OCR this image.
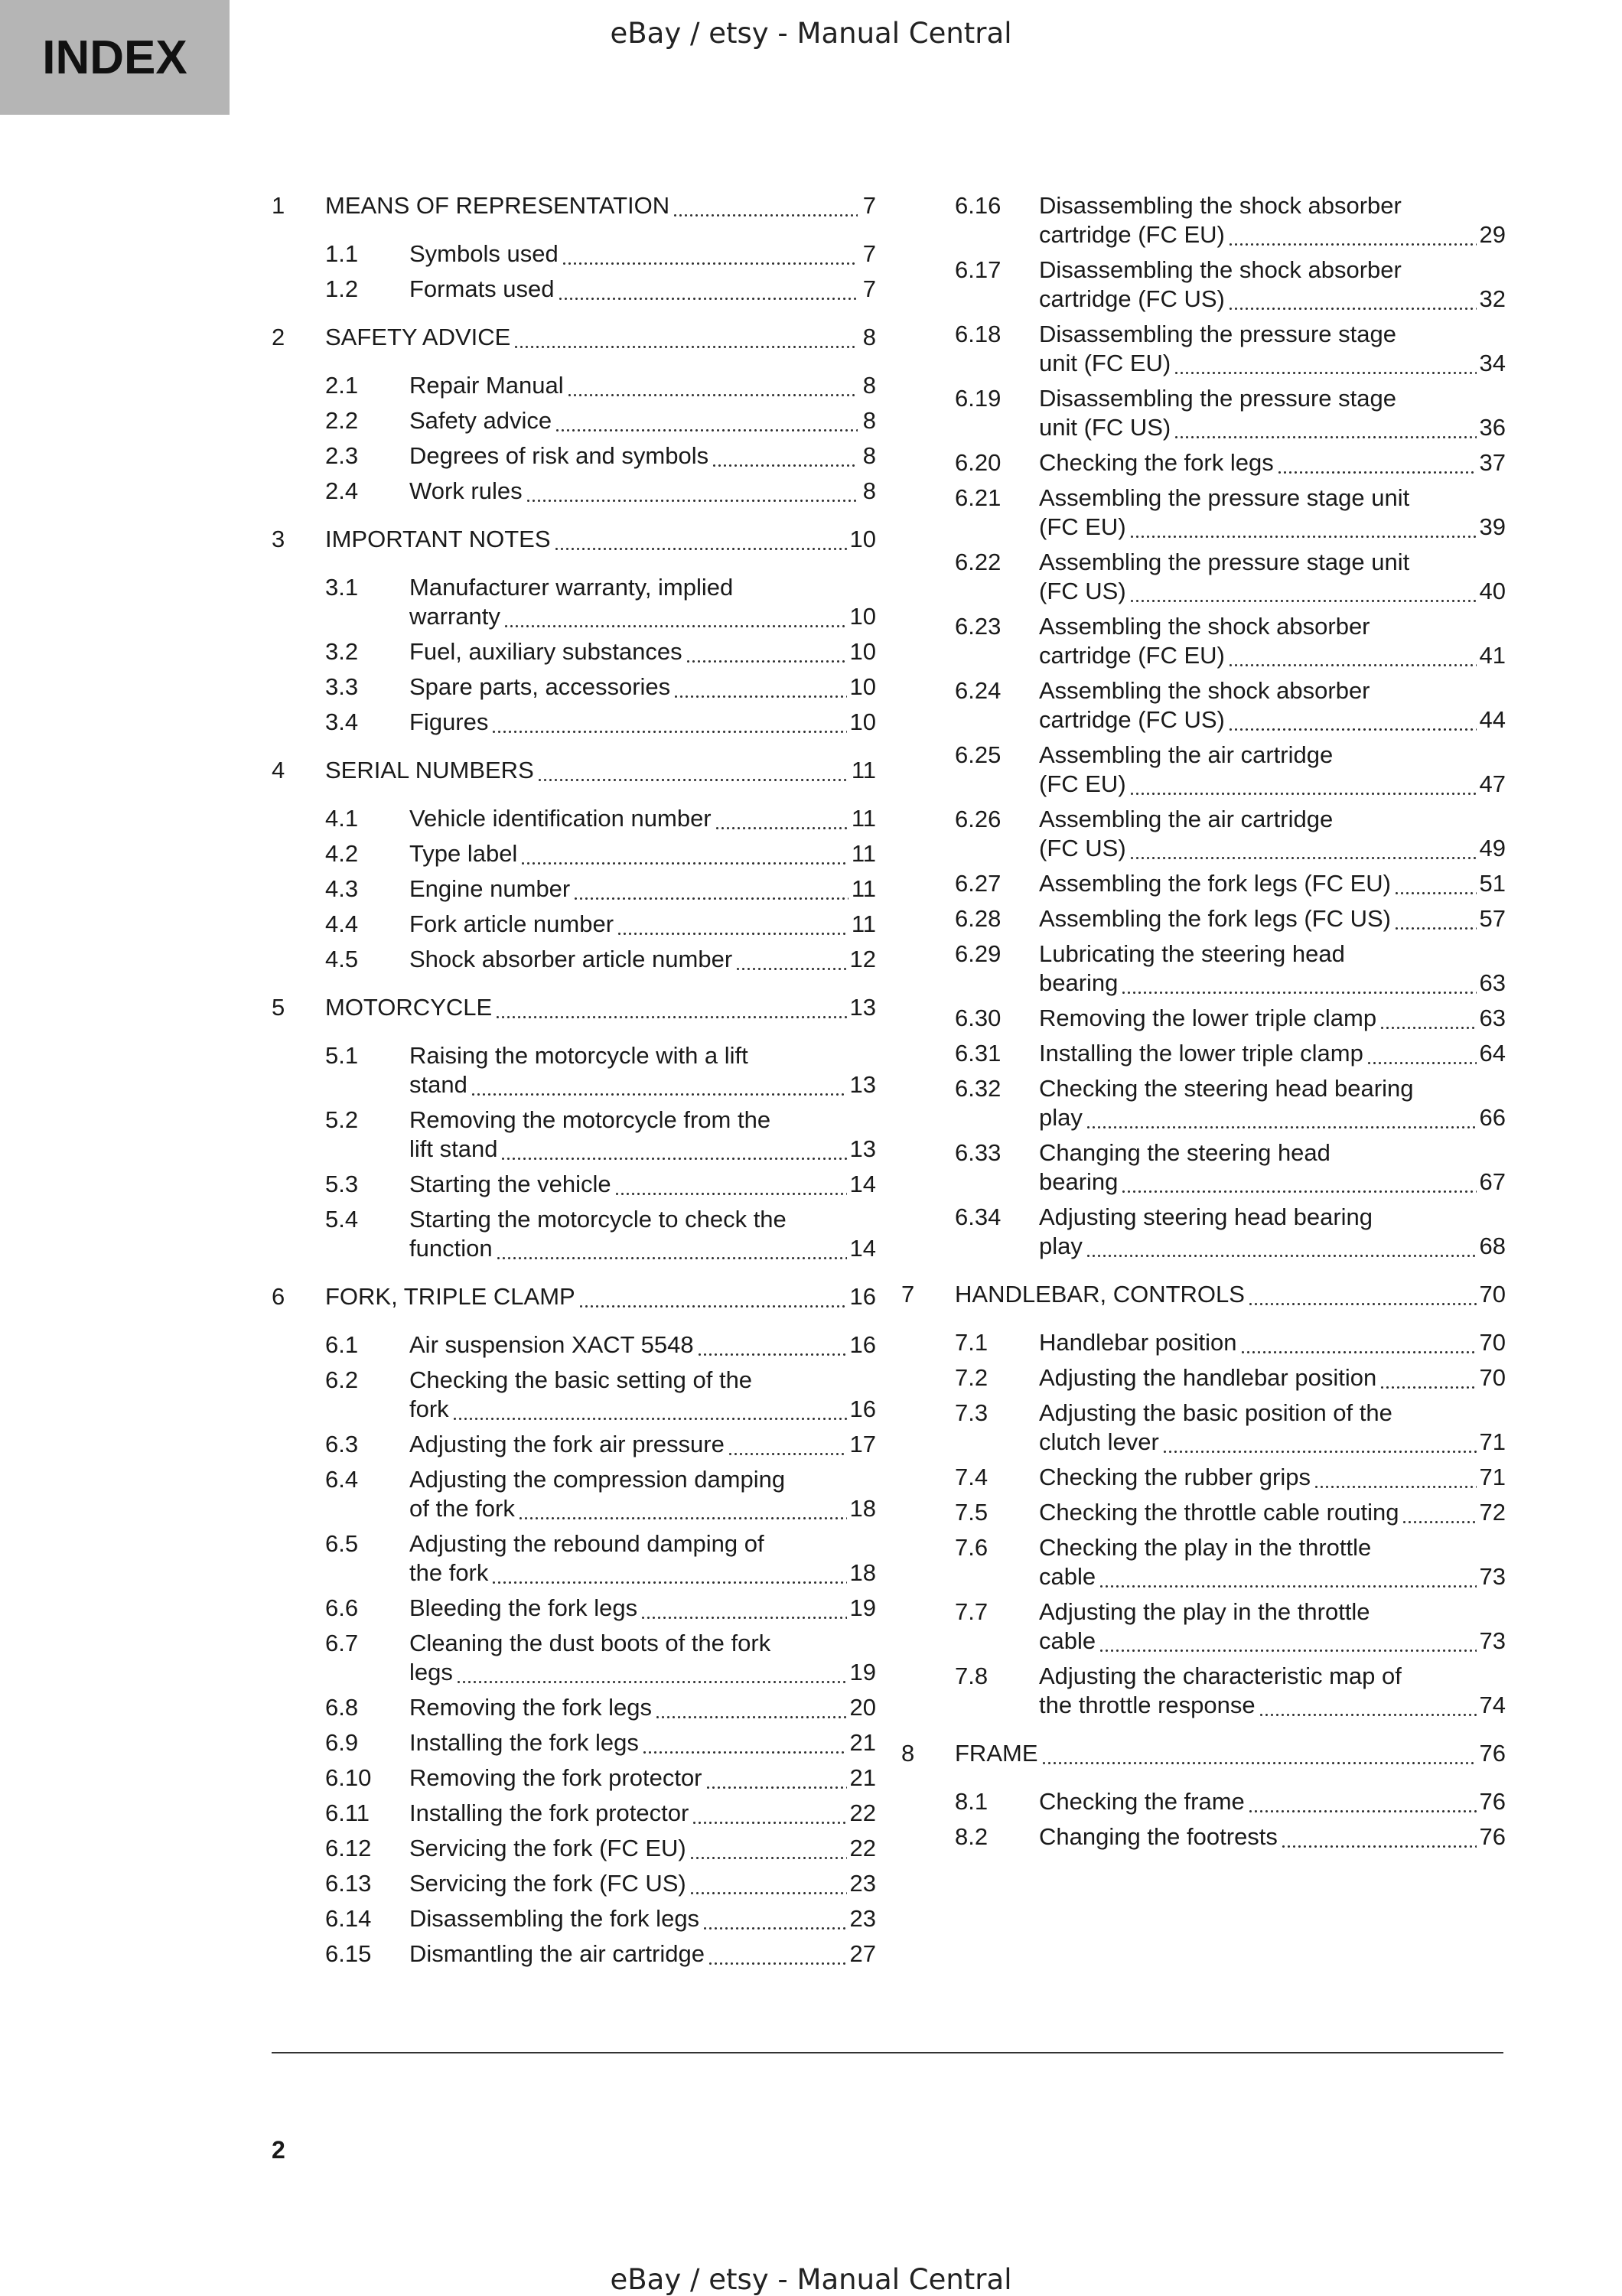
INDEX	eBay / etsy - Manual Central
1	MEANS OF REPRESENTATION	7
1.1	Symbols used	7
1.2	Formats used	7
2	SAFETY ADVICE	8
2.1	Repair Manual	8
2.2	Safety advice	8
2.3	Degrees of risk and symbols	8
2.4	Work rules	8
3	IMPORTANT NOTES	10
3.1	Manufacturer warranty, implied
warranty	10
3.2	Fuel, auxiliary substances	10
3.3	Spare parts, accessories	10
3.4	Figures	10
4	SERIAL NUMBERS	11
4.1	Vehicle identification number	11
4.2	Type label	11
4.3	Engine number	11
4.4	Fork article number	11
4.5	Shock absorber article number	12
5	MOTORCYCLE	13
5.1	Raising the motorcycle with a lift
stand	13
5.2	Removing the motorcycle from the
lift stand	13
5.3	Starting the vehicle	14
5.4	Starting the motorcycle to check the
function	14
6	FORK, TRIPLE CLAMP	16
6.1	Air suspension XACT 5548	16
6.2	Checking the basic setting of the
fork	16
6.3	Adjusting the fork air pressure	17
6.4	Adjusting the compression damping
of the fork	18
6.5	Adjusting the rebound damping of
the fork	18
6.6	Bleeding the fork legs	19
6.7	Cleaning the dust boots of the fork
legs	19
6.8	Removing the fork legs	20
6.9	Installing the fork legs	21
6.10	Removing the fork protector	21
6.11	Installing the fork protector	22
6.12	Servicing the fork (FC EU)	22
6.13	Servicing the fork (FC US)	23
6.14	Disassembling the fork legs	23
6.15	Dismantling the air cartridge	27
6.16	Disassembling the shock absorber
cartridge (FC EU)	29
6.17	Disassembling the shock absorber
cartridge (FC US)	32
6.18	Disassembling the pressure stage
unit (FC EU)	34
6.19	Disassembling the pressure stage
unit (FC US)	36
6.20	Checking the fork legs	37
6.21	Assembling the pressure stage unit
(FC EU)	39
6.22	Assembling the pressure stage unit
(FC US)	40
6.23	Assembling the shock absorber
cartridge (FC EU)	41
6.24	Assembling the shock absorber
cartridge (FC US)	44
6.25	Assembling the air cartridge
(FC EU)	47
6.26	Assembling the air cartridge
(FC US)	49
6.27	Assembling the fork legs (FC EU)	51
6.28	Assembling the fork legs (FC US)	57
6.29	Lubricating the steering head
bearing	63
6.30	Removing the lower triple clamp	63
6.31	Installing the lower triple clamp	64
6.32	Checking the steering head bearing
play	66
6.33	Changing the steering head
bearing	67
6.34	Adjusting steering head bearing
play	68
7	HANDLEBAR, CONTROLS	70
7.1	Handlebar position	70
7.2	Adjusting the handlebar position	70
7.3	Adjusting the basic position of the
clutch lever	71
7.4	Checking the rubber grips	71
7.5	Checking the throttle cable routing	72
7.6	Checking the play in the throttle
cable	73
7.7	Adjusting the play in the throttle
cable	73
7.8	Adjusting the characteristic map of
the throttle response	74
8	FRAME	76
8.1	Checking the frame	76
8.2	Changing the footrests	76
2
eBay / etsy - Manual Central
